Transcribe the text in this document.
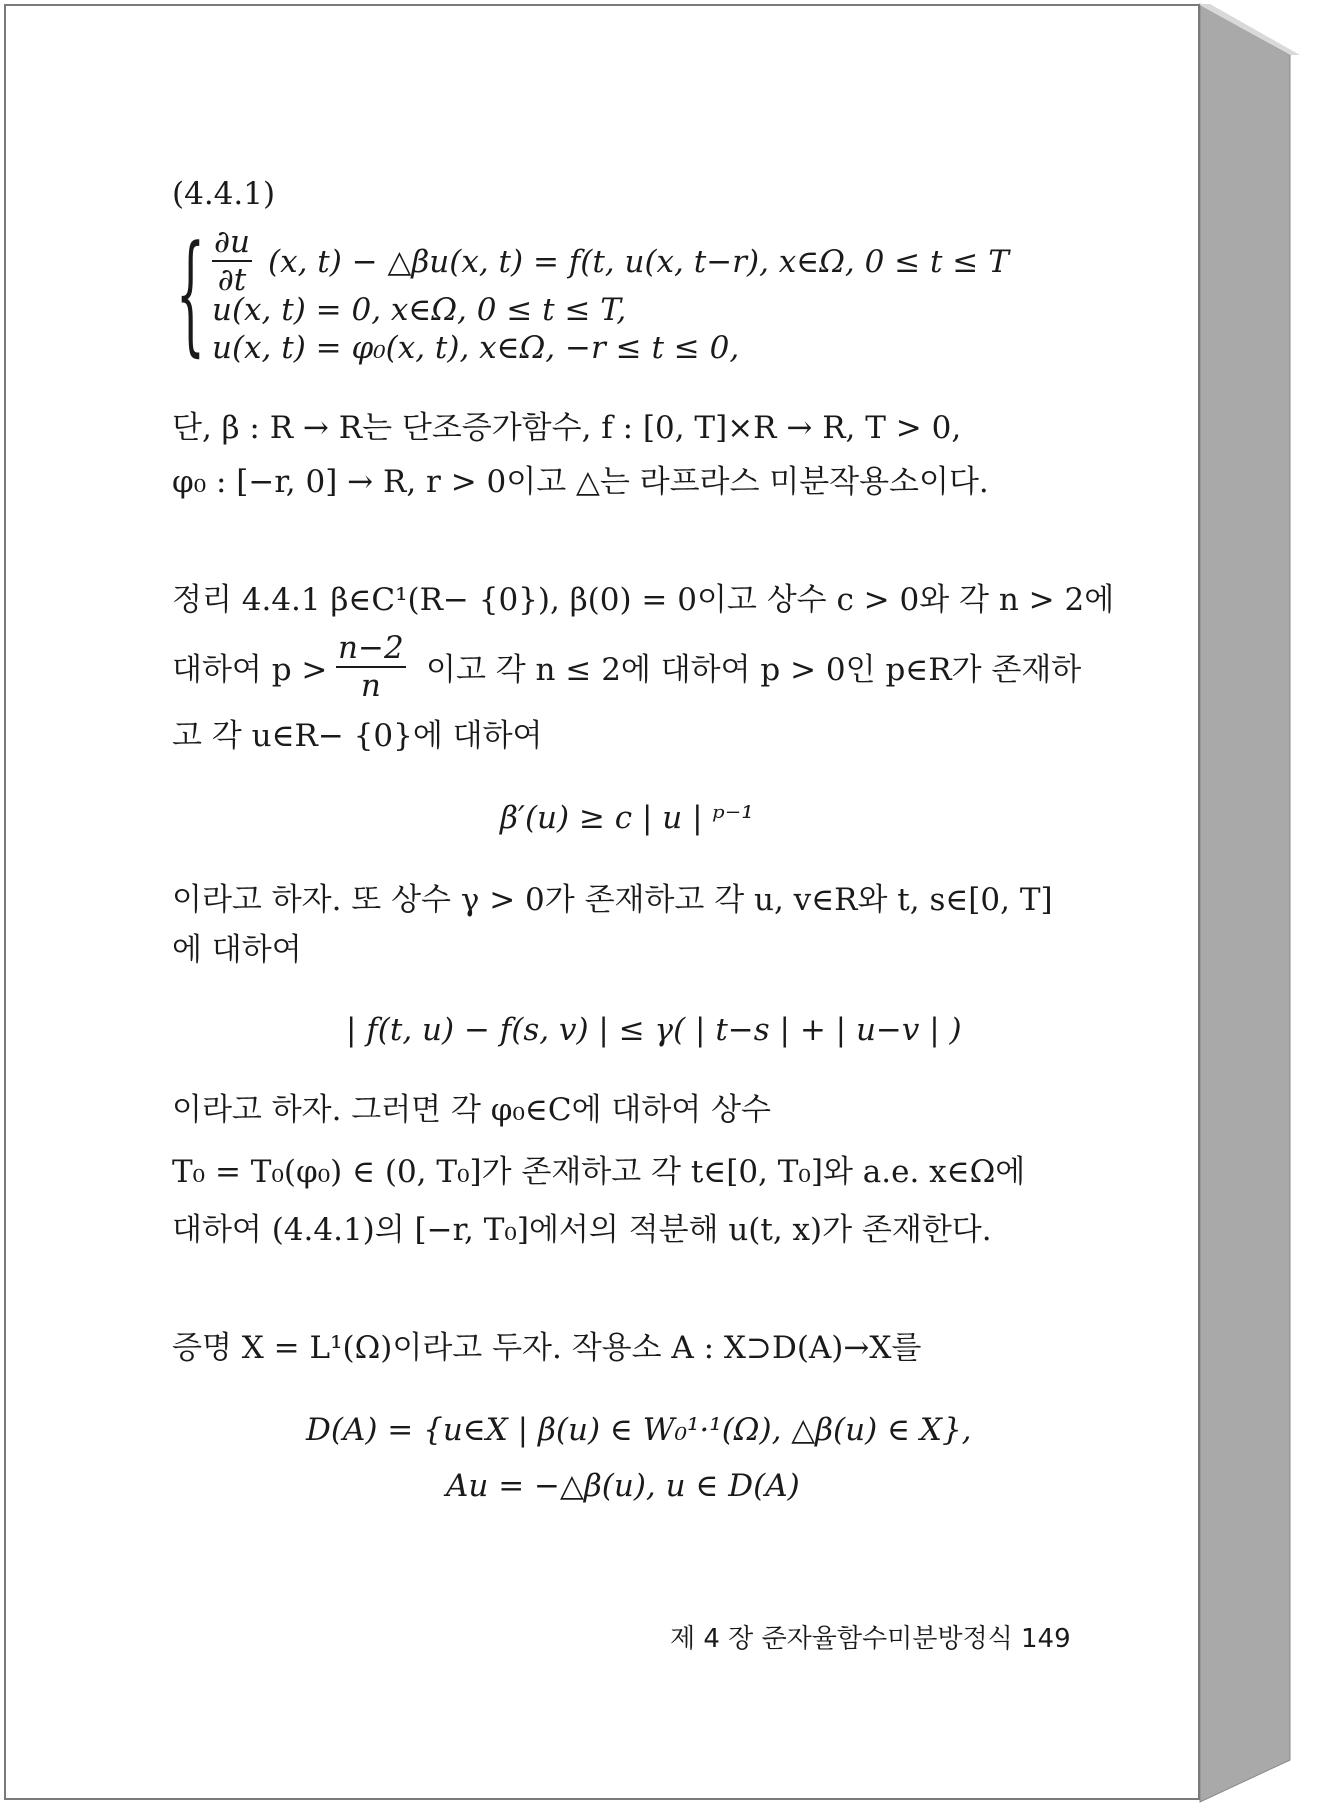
(4.4.1)
{ $\frac{\partial u}{\partial t} (x$, t) − △βu(x, t) = f(t, u(x, t−r), x∈Ω, 0 ≤ t ≤ T
u(x, t) = 0, x∈Ω, 0 ≤ t ≤ T,
u(x, t) = φ₀(x, t), x∈Ω, −r ≤ t ≤ 0,
단, β : R → R는 단조증가함수, f : [0, T]×R → R, T > 0,
φ₀ : [−r, 0] → R, r > 0이고 △는 라프라스 미분작용소이다.
정리 4.4.1 β∈C¹(R− {0}), β(0) = 0이고 상수 c > 0와 각 n > 2에
대하여 $p > \frac{n-2}{n}$ 이고 각 n ≤ 2에 대하여 p > 0인 p∈R가 존재하
고 각 u∈R− {0}에 대하여
β′(u) ≥ c | u | ᵖ⁻¹
이라고 하자. 또 상수 γ > 0가 존재하고 각 u, v∈R와 t, s∈[0, T]
에 대하여
| f(t, u) − f(s, v) | ≤ γ( | t−s | + | u−v | )
이라고 하자. 그러면 각 φ₀∈C에 대하여 상수
T₀ = T₀(φ₀) ∈ (0, T₀]가 존재하고 각 t∈[0, T₀]와 a.e. x∈Ω에
대하여 (4.4.1)의 [−r, T₀]에서의 적분해 u(t, x)가 존재한다.
증명 X = L¹(Ω)이라고 두자. 작용소 A : X⊃D(A)→X를
D(A) = {u∈X | β(u) ∈ W₀¹·¹(Ω), △β(u) ∈ X},
Au = −△β(u), u ∈ D(A)
제 4 장 준자율함수미분방정식 149
